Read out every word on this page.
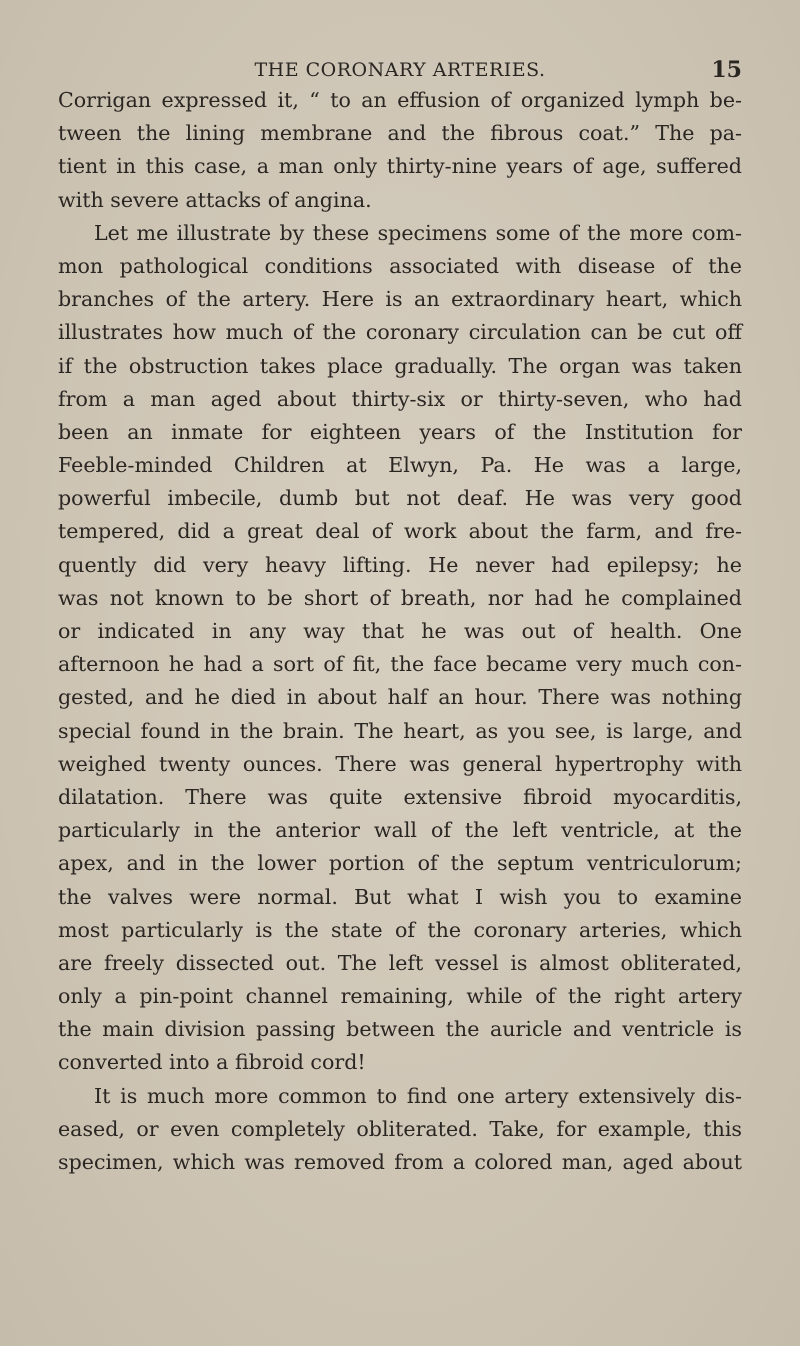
THE CORONARY ARTERIES.	15
Corrigan expressed it, “ to an effusion of organized lymph be-
tween the lining membrane and the fibrous coat.” The pa-
tient in this case, a man only thirty-nine years of age, suffered
with severe attacks of angina.
Let me illustrate by these specimens some of the more com-
mon pathological conditions associated with disease of the
branches of the artery. Here is an extraordinary heart, which
illustrates how much of the coronary circulation can be cut off
if the obstruction takes place gradually. The organ was taken
from a man aged about thirty-six or thirty-seven, who had
been an inmate for eighteen years of the Institution for
Feeble-minded Children at Elwyn, Pa. He was a large,
powerful imbecile, dumb but not deaf. He was very good
tempered, did a great deal of work about the farm, and fre-
quently did very heavy lifting. He never had epilepsy; he
was not known to be short of breath, nor had he complained
or indicated in any way that he was out of health. One
afternoon he had a sort of fit, the face became very much con-
gested, and he died in about half an hour. There was nothing
special found in the brain. The heart, as you see, is large, and
weighed twenty ounces. There was general hypertrophy with
dilatation. There was quite extensive fibroid myocarditis,
particularly in the anterior wall of the left ventricle, at the
apex, and in the lower portion of the septum ventriculorum;
the valves were normal. But what I wish you to examine
most particularly is the state of the coronary arteries, which
are freely dissected out. The left vessel is almost obliterated,
only a pin-point channel remaining, while of the right artery
the main division passing between the auricle and ventricle is
converted into a fibroid cord!
It is much more common to find one artery extensively dis-
eased, or even completely obliterated. Take, for example, this
specimen, which was removed from a colored man, aged about
